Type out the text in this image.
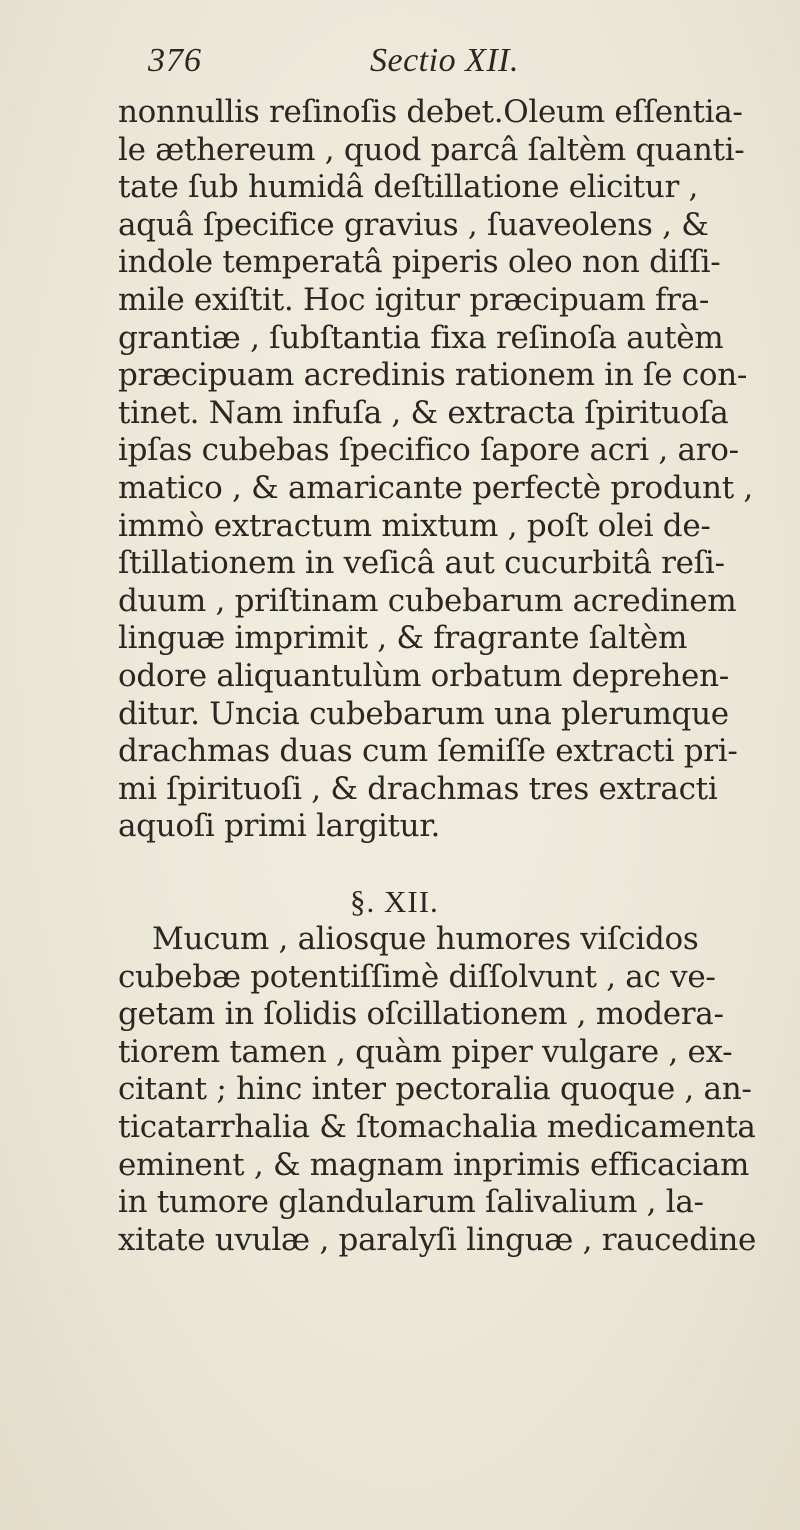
376	Sectio XII.
nonnullis reſinoſis debet.Oleum eſſentia-
le æthereum , quod parcâ ſaltèm quanti-
tate ſub humidâ deſtillatione elicitur ,
aquâ ſpecifice gravius , ſuaveolens , &
indole temperatâ piperis oleo non diſſi-
mile exiſtit. Hoc igitur præcipuam fra-
grantiæ , ſubſtantia fixa reſinoſa autèm
præcipuam acredinis rationem in ſe con-
tinet. Nam infuſa , & extracta ſpirituoſa
ipſas cubebas ſpecifico ſapore acri , aro-
matico , & amaricante perfectè produnt ,
immò extractum mixtum , poſt olei de-
ſtillationem in veſicâ aut cucurbitâ reſi-
duum , priſtinam cubebarum acredinem
linguæ imprimit , & fragrante ſaltèm
odore aliquantulùm orbatum deprehen-
ditur. Uncia cubebarum una plerumque
drachmas duas cum ſemiſſe extracti pri-
mi ſpirituoſi , & drachmas tres extracti
aquoſi primi largitur.
§. XII.
Mucum , aliosque humores viſcidos
cubebæ potentiſſimè diſſolvunt , ac ve-
getam in ſolidis oſcillationem , modera-
tiorem tamen , quàm piper vulgare , ex-
citant ; hinc inter pectoralia quoque , an-
ticatarrhalia & ſtomachalia medicamenta
eminent , & magnam inprimis efficaciam
in tumore glandularum ſalivalium , la-
xitate uvulæ , paralyſi linguæ , raucedine
